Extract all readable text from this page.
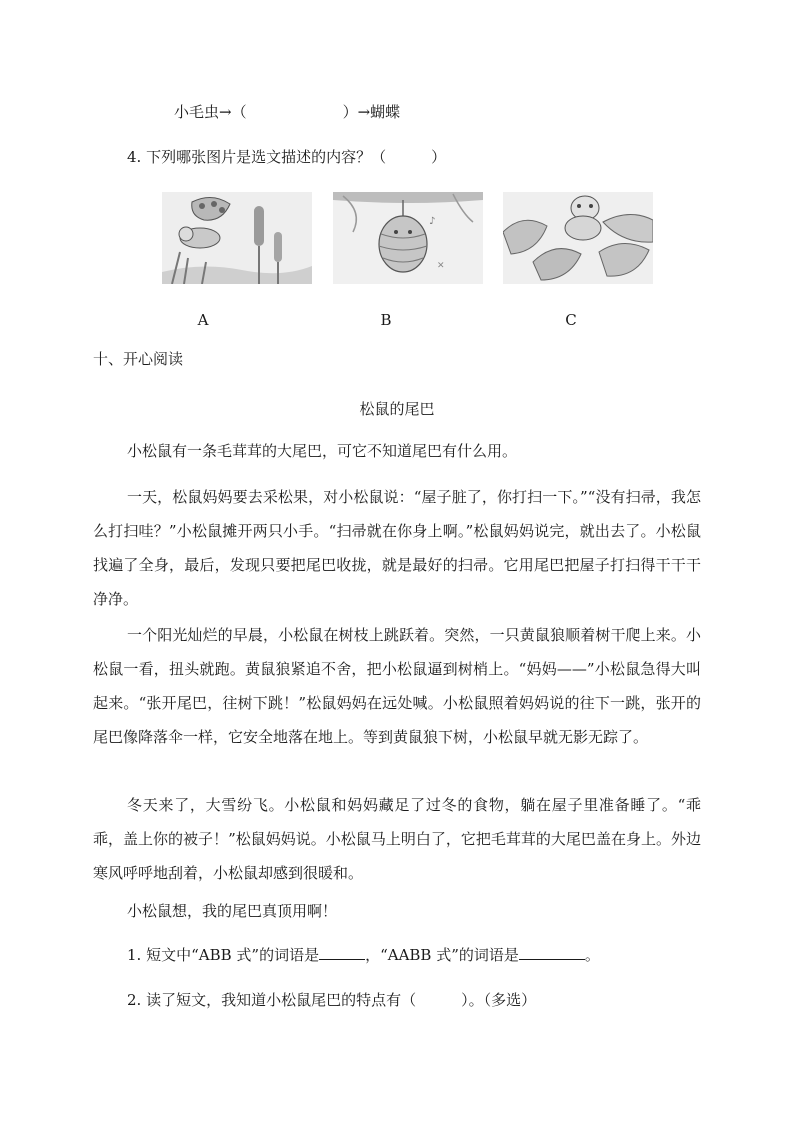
小毛虫→（	）→蝴蝶
4. 下列哪张图片是选文描述的内容？（　　　）
A
♪
✕
B	C
十、开心阅读
松鼠的尾巴
小松鼠有一条毛茸茸的大尾巴，可它不知道尾巴有什么用。
一天，松鼠妈妈要去采松果，对小松鼠说：“屋子脏了，你打扫一下。”“没有扫帚，我怎么打扫哇？”小松鼠摊开两只小手。“扫帚就在你身上啊。”松鼠妈妈说完，就出去了。小松鼠找遍了全身，最后，发现只要把尾巴收拢，就是最好的扫帚。它用尾巴把屋子打扫得干干干净净。
一个阳光灿烂的早晨，小松鼠在树枝上跳跃着。突然，一只黄鼠狼顺着树干爬上来。小松鼠一看，扭头就跑。黄鼠狼紧追不舍，把小松鼠逼到树梢上。“妈妈——”小松鼠急得大叫起来。“张开尾巴，往树下跳！”松鼠妈妈在远处喊。小松鼠照着妈妈说的往下一跳，张开的尾巴像降落伞一样，它安全地落在地上。等到黄鼠狼下树，小松鼠早就无影无踪了。
冬天来了，大雪纷飞。小松鼠和妈妈藏足了过冬的食物，躺在屋子里准备睡了。“乖乖，盖上你的被子！”松鼠妈妈说。小松鼠马上明白了，它把毛茸茸的大尾巴盖在身上。外边寒风呼呼地刮着，小松鼠却感到很暖和。
小松鼠想，我的尾巴真顶用啊！
1. 短文中“ABB 式”的词语是	，“AABB 式”的词语是	。
2. 读了短文，我知道小松鼠尾巴的特点有（　　　）。（多选）
